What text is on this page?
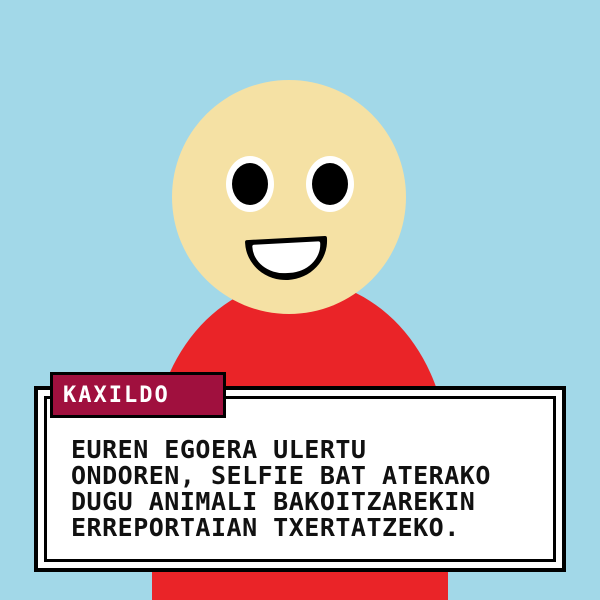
EUREN EGOERA ULERTU
ONDOREN, SELFIE BAT ATERAKO
DUGU ANIMALI BAKOITZAREKIN
ERREPORTAIAN TXERTATZEKO.

KAXILDO
